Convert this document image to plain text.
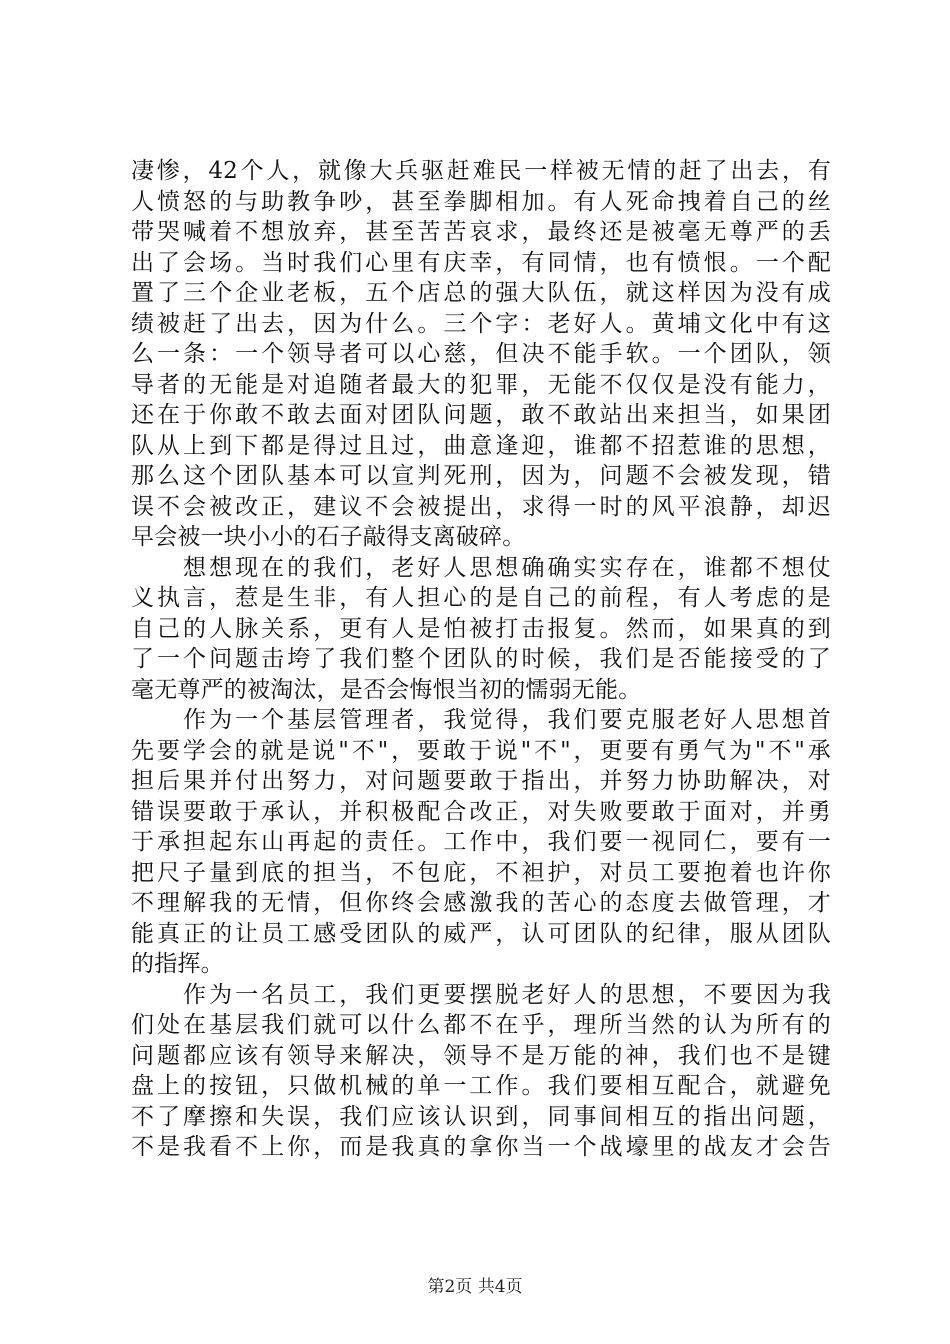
凄惨，42个人，就像大兵驱赶难民一样被无情的赶了出去，有
人愤怒的与助教争吵，甚至拳脚相加。有人死命拽着自己的丝
带哭喊着不想放弃，甚至苦苦哀求，最终还是被毫无尊严的丢
出了会场。当时我们心里有庆幸，有同情，也有愤恨。一个配
置了三个企业老板，五个店总的强大队伍，就这样因为没有成
绩被赶了出去，因为什么。三个字：老好人。黄埔文化中有这
么一条：一个领导者可以心慈，但决不能手软。一个团队，领
导者的无能是对追随者最大的犯罪，无能不仅仅是没有能力，
还在于你敢不敢去面对团队问题，敢不敢站出来担当，如果团
队从上到下都是得过且过，曲意逢迎，谁都不招惹谁的思想，
那么这个团队基本可以宣判死刑，因为，问题不会被发现，错
误不会被改正，建议不会被提出，求得一时的风平浪静，却迟
早会被一块小小的石子敲得支离破碎。
　　想想现在的我们，老好人思想确确实实存在，谁都不想仗
义执言，惹是生非，有人担心的是自己的前程，有人考虑的是
自己的人脉关系，更有人是怕被打击报复。然而，如果真的到
了一个问题击垮了我们整个团队的时候，我们是否能接受的了
毫无尊严的被淘汰，是否会悔恨当初的懦弱无能。
　　作为一个基层管理者，我觉得，我们要克服老好人思想首
先要学会的就是说"不"，要敢于说"不"，更要有勇气为"不"承
担后果并付出努力，对问题要敢于指出，并努力协助解决，对
错误要敢于承认，并积极配合改正，对失败要敢于面对，并勇
于承担起东山再起的责任。工作中，我们要一视同仁，要有一
把尺子量到底的担当，不包庇，不袒护，对员工要抱着也许你
不理解我的无情，但你终会感激我的苦心的态度去做管理，才
能真正的让员工感受团队的威严，认可团队的纪律，服从团队
的指挥。
　　作为一名员工，我们更要摆脱老好人的思想，不要因为我
们处在基层我们就可以什么都不在乎，理所当然的认为所有的
问题都应该有领导来解决，领导不是万能的神，我们也不是键
盘上的按钮，只做机械的单一工作。我们要相互配合，就避免
不了摩擦和失误，我们应该认识到，同事间相互的指出问题，
不是我看不上你，而是我真的拿你当一个战壕里的战友才会告
第2页 共4页
